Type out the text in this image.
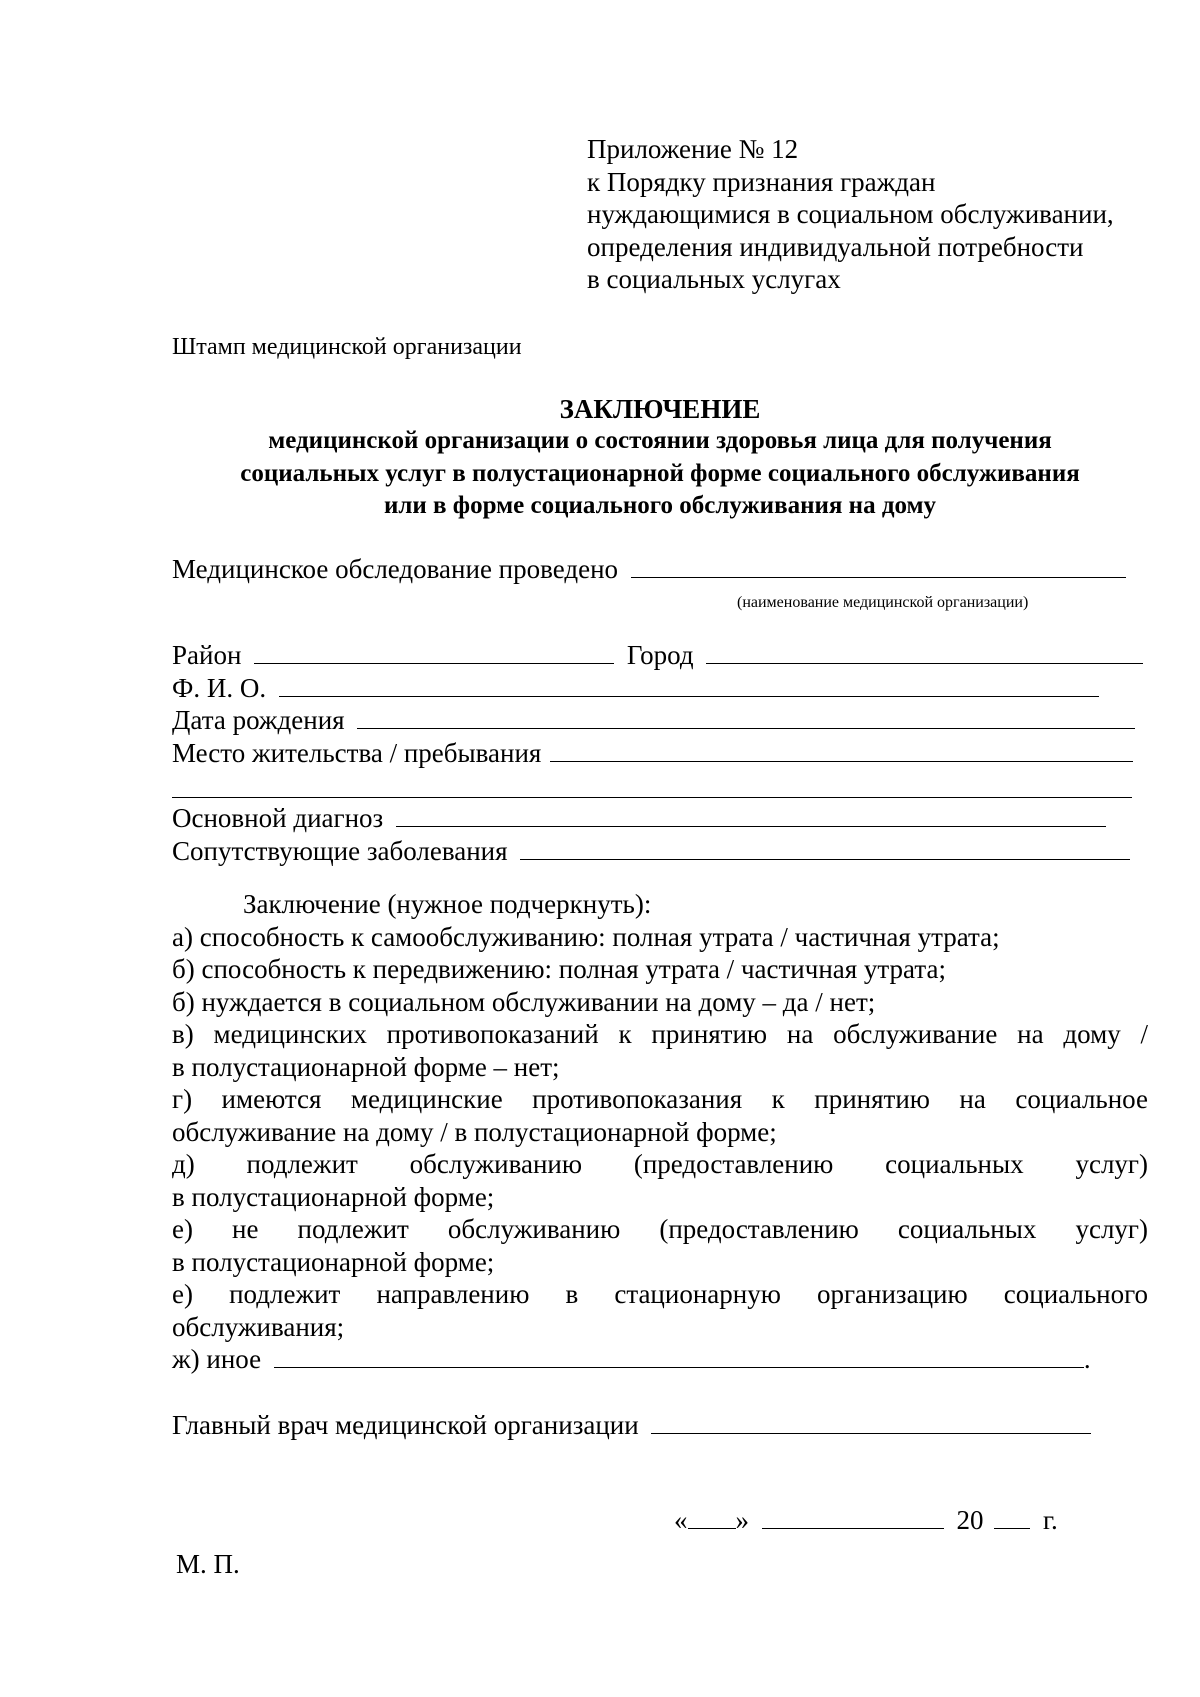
Приложение № 12
к Порядку признания граждан
нуждающимися в социальном обслуживании,
определения индивидуальной потребности
в социальных услугах
Штамп медицинской организации
ЗАКЛЮЧЕНИЕ
медицинской организации о состоянии здоровья лица для получения
социальных услуг в полустационарной форме социального обслуживания
или в форме социального обслуживания на дому
Медицинское обследование проведено
(наименование медицинской организации)
Район	Город
Ф. И. О.
Дата рождения
Место жительства / пребывания
Основной диагноз
Сопутствующие заболевания
Заключение (нужное подчеркнуть):
а) способность к самообслуживанию: полная утрата / частичная утрата;
б) способность к передвижению: полная утрата / частичная утрата;
б) нуждается в социальном обслуживании на дому – да / нет;
в) медицинских противопоказаний к принятию на обслуживание на дому /
в полустационарной форме – нет;
г) имеются медицинские противопоказания к принятию на социальное
обслуживание на дому / в полустационарной форме;
д) подлежит обслуживанию (предоставлению социальных услуг)
в полустационарной форме;
е) не подлежит обслуживанию (предоставлению социальных услуг)
в полустационарной форме;
е) подлежит направлению в стационарную организацию социального
обслуживания;
ж) иное	.
Главный врач медицинской организации
« »	20 г.
М. П.
